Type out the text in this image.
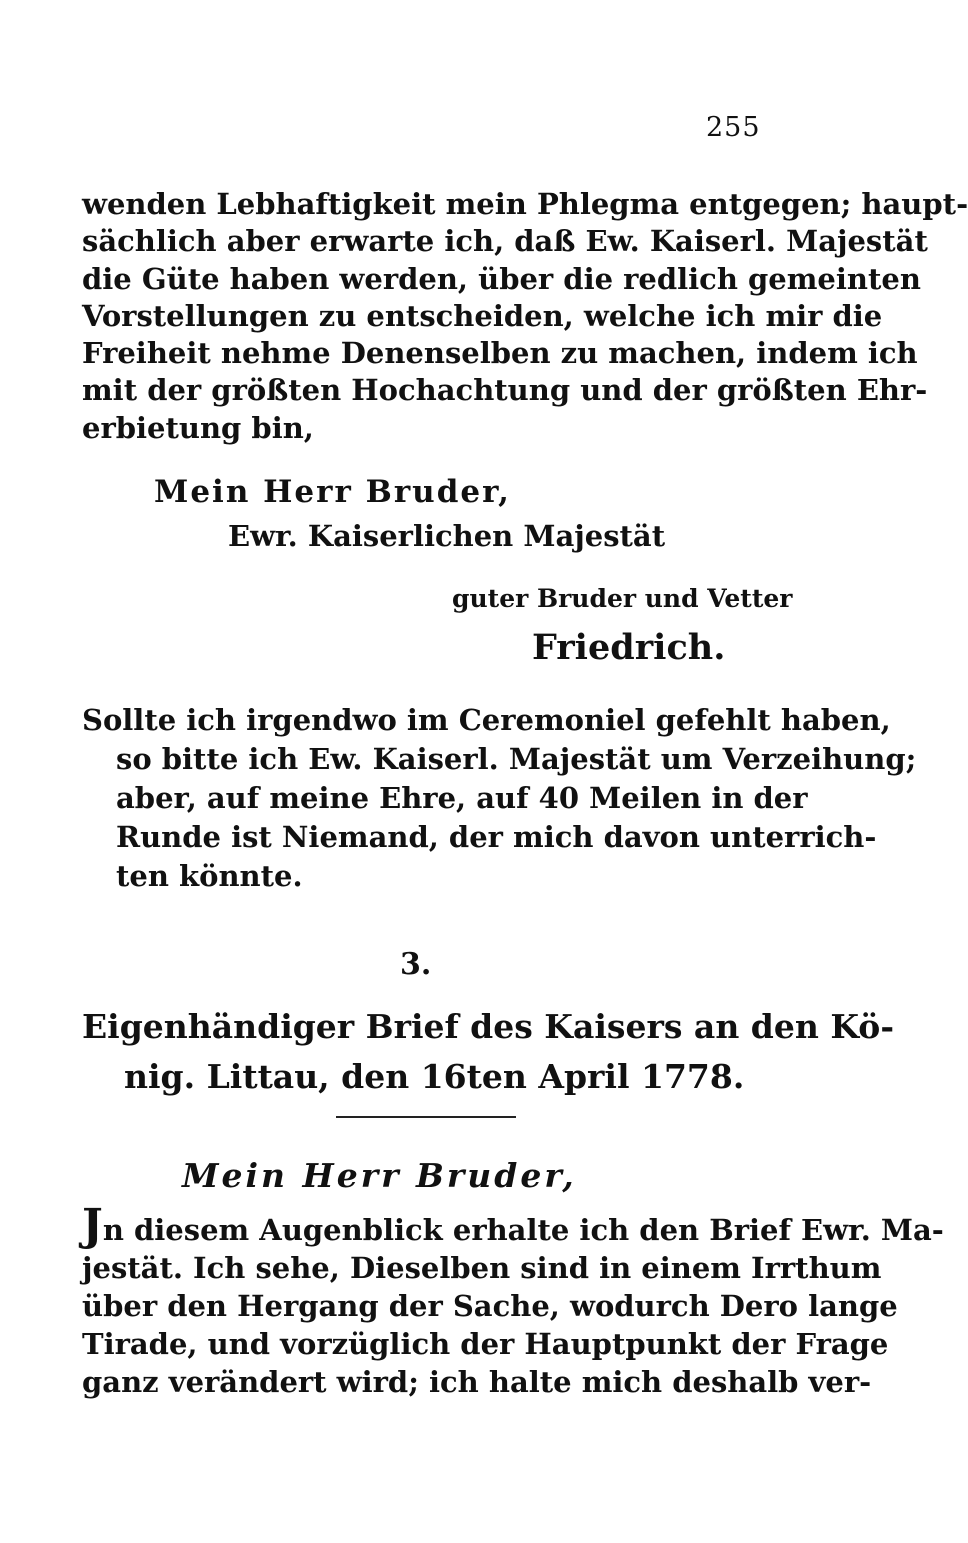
255

wenden Lebhaftigkeit mein Phlegma entgegen; haupt-
sächlich aber erwarte ich, daß Ew. Kaiserl. Majestät
die Güte haben werden, über die redlich gemeinten
Vorstellungen zu entscheiden, welche ich mir die
Freiheit nehme Denenselben zu machen, indem ich
mit der größten Hochachtung und der größten Ehr-
erbietung bin,

Mein Herr Bruder,
Ewr. Kaiserlichen Majestät
guter Bruder und Vetter
Friedrich.
Sollte ich irgendwo im Ceremoniel gefehlt haben,
so bitte ich Ew. Kaiserl. Majestät um Verzeihung;
aber, auf meine Ehre, auf 40 Meilen in der
Runde ist Niemand, der mich davon unterrich-
ten könnte.
3.
Eigenhändiger Brief des Kaisers an den Kö-
nig. Littau, den 16ten April 1778.
Mein Herr Bruder,
Jn diesem Augenblick erhalte ich den Brief Ewr. Ma-
jestät. Ich sehe, Dieselben sind in einem Irrthum
über den Hergang der Sache, wodurch Dero lange
Tirade, und vorzüglich der Hauptpunkt der Frage
ganz verändert wird; ich halte mich deshalb ver-
